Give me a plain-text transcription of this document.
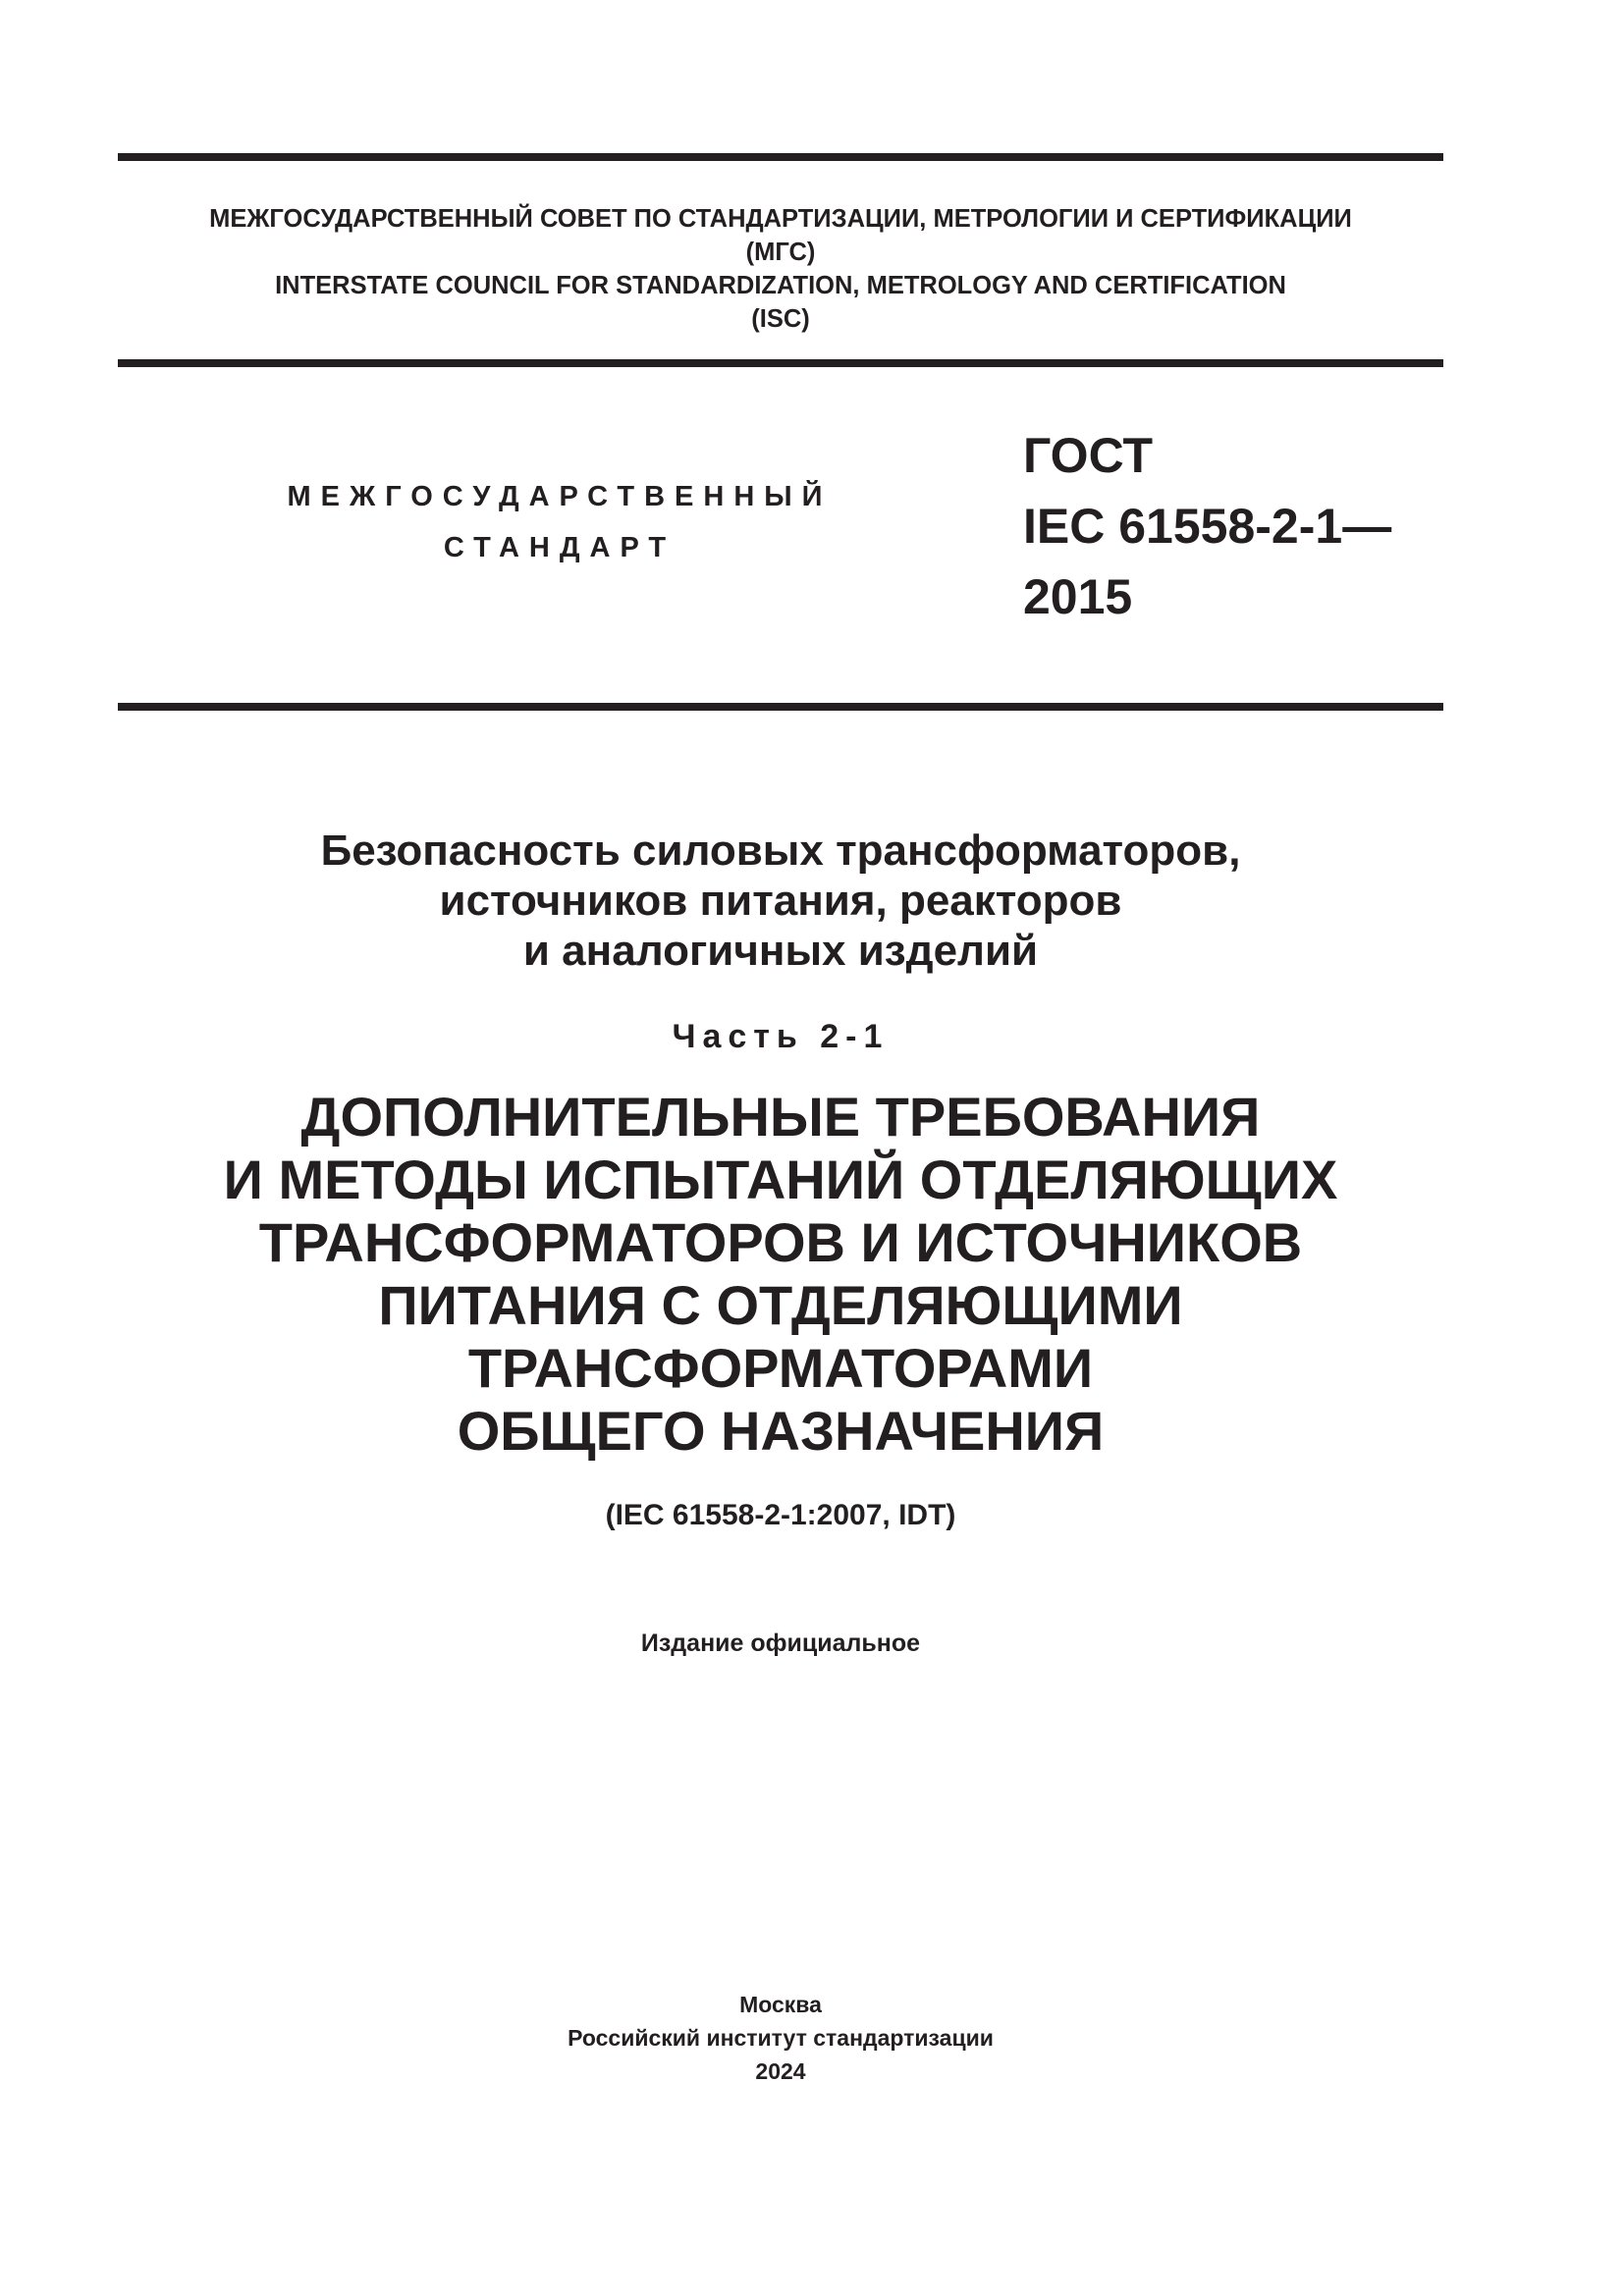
МЕЖГОСУДАРСТВЕННЫЙ СОВЕТ ПО СТАНДАРТИЗАЦИИ, МЕТРОЛОГИИ И СЕРТИФИКАЦИИ
(МГС)
INTERSTATE COUNCIL FOR STANDARDIZATION, METROLOGY AND CERTIFICATION
(ISC)
МЕЖГОСУДАРСТВЕННЫЙ
СТАНДАРТ
ГОСТ
IEC 61558-2-1—
2015
Безопасность силовых трансформаторов,
источников питания, реакторов
и аналогичных изделий
Часть 2-1
ДОПОЛНИТЕЛЬНЫЕ ТРЕБОВАНИЯ
И МЕТОДЫ ИСПЫТАНИЙ ОТДЕЛЯЮЩИХ
ТРАНСФОРМАТОРОВ И ИСТОЧНИКОВ
ПИТАНИЯ С ОТДЕЛЯЮЩИМИ
ТРАНСФОРМАТОРАМИ
ОБЩЕГО НАЗНАЧЕНИЯ
(IEC 61558-2-1:2007, IDT)
Издание официальное
Москва
Российский институт стандартизации
2024
